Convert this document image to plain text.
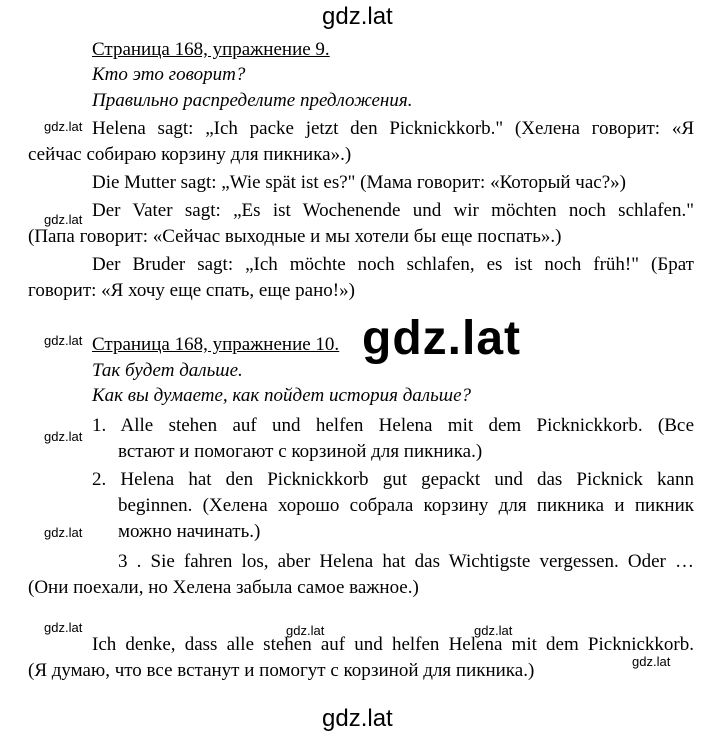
gdz.lat
Страница 168, упражнение 9.
Кто это говорит?
Правильно распределите предложения.
gdz.lat Helena sagt: „Ich packe jetzt den Picknickkorb." (Хелена говорит: «Я
сейчас собираю корзину для пикника».)
Die Mutter sagt: „Wie spät ist es?" (Мама говорит: «Который час?»)
gdz.lat Der Vater sagt: „Es ist Wochenende und wir möchten noch schlafen."
(Папа говорит: «Сейчас выходные и мы хотели бы еще поспать».)
Der Bruder sagt: „Ich möchte noch schlafen, es ist noch früh!" (Брат
говорит: «Я хочу еще спать, еще рано!»)
gdz.lat Страница 168, упражнение 10. gdz.lat
Так будет дальше.
Как вы думаете, как пойдет история дальше?
gdz.lat
1. Alle stehen auf und helfen Helena mit dem Picknickkorb. (Все
встают и помогают с корзиной для пикника.)
2. Helena hat den Picknickkorb gut gepackt und das Picknick kann
beginnen. (Хелена хорошо собрала корзину для пикника и пикник
gdz.lat можно начинать.)
3 . Sie fahren los, aber Helena hat das Wichtigste vergessen. Oder …
(Они поехали, но Хелена забыла самое важное.)
gdz.lat	gdz.lat	gdz.lat
Ich denke, dass alle stehen auf und helfen Helena mit dem Picknickkorb.
gdz.lat
(Я думаю, что все встанут и помогут с корзиной для пикника.)
gdz.lat
